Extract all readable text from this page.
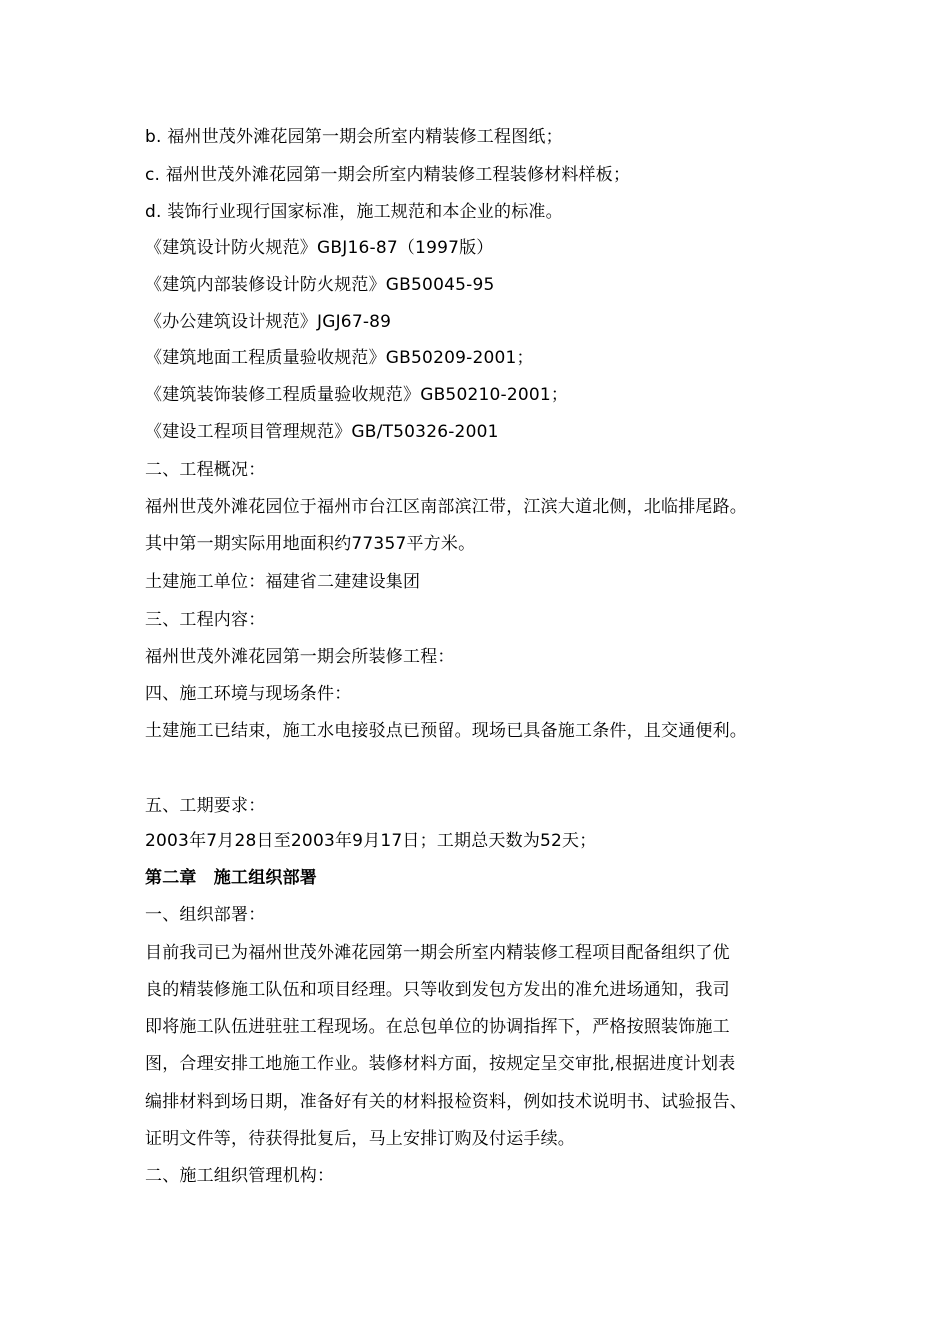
b. 福州世茂外滩花园第一期会所室内精装修工程图纸；
c. 福州世茂外滩花园第一期会所室内精装修工程装修材料样板；
d. 装饰行业现行国家标准，施工规范和本企业的标准。
《建筑设计防火规范》GBJ16-87（1997版）
《建筑内部装修设计防火规范》GB50045-95
《办公建筑设计规范》JGJ67-89
《建筑地面工程质量验收规范》GB50209-2001；
《建筑装饰装修工程质量验收规范》GB50210-2001；
《建设工程项目管理规范》GB/T50326-2001
二、工程概况：
福州世茂外滩花园位于福州市台江区南部滨江带，江滨大道北侧，北临排尾路。
其中第一期实际用地面积约77357平方米。
土建施工单位：福建省二建建设集团
三、工程内容：
福州世茂外滩花园第一期会所装修工程：
四、施工环境与现场条件：
土建施工已结束，施工水电接驳点已预留。现场已具备施工条件，且交通便利。
五、工期要求：
2003年7月28日至2003年9月17日；工期总天数为52天；
第二章　施工组织部署
一、组织部署：
目前我司已为福州世茂外滩花园第一期会所室内精装修工程项目配备组织了优
良的精装修施工队伍和项目经理。只等收到发包方发出的准允进场通知，我司
即将施工队伍进驻驻工程现场。在总包单位的协调指挥下，严格按照装饰施工
图，合理安排工地施工作业。装修材料方面，按规定呈交审批,根据进度计划表
编排材料到场日期，准备好有关的材料报检资料，例如技术说明书、试验报告、
证明文件等，待获得批复后，马上安排订购及付运手续。
二、施工组织管理机构：
